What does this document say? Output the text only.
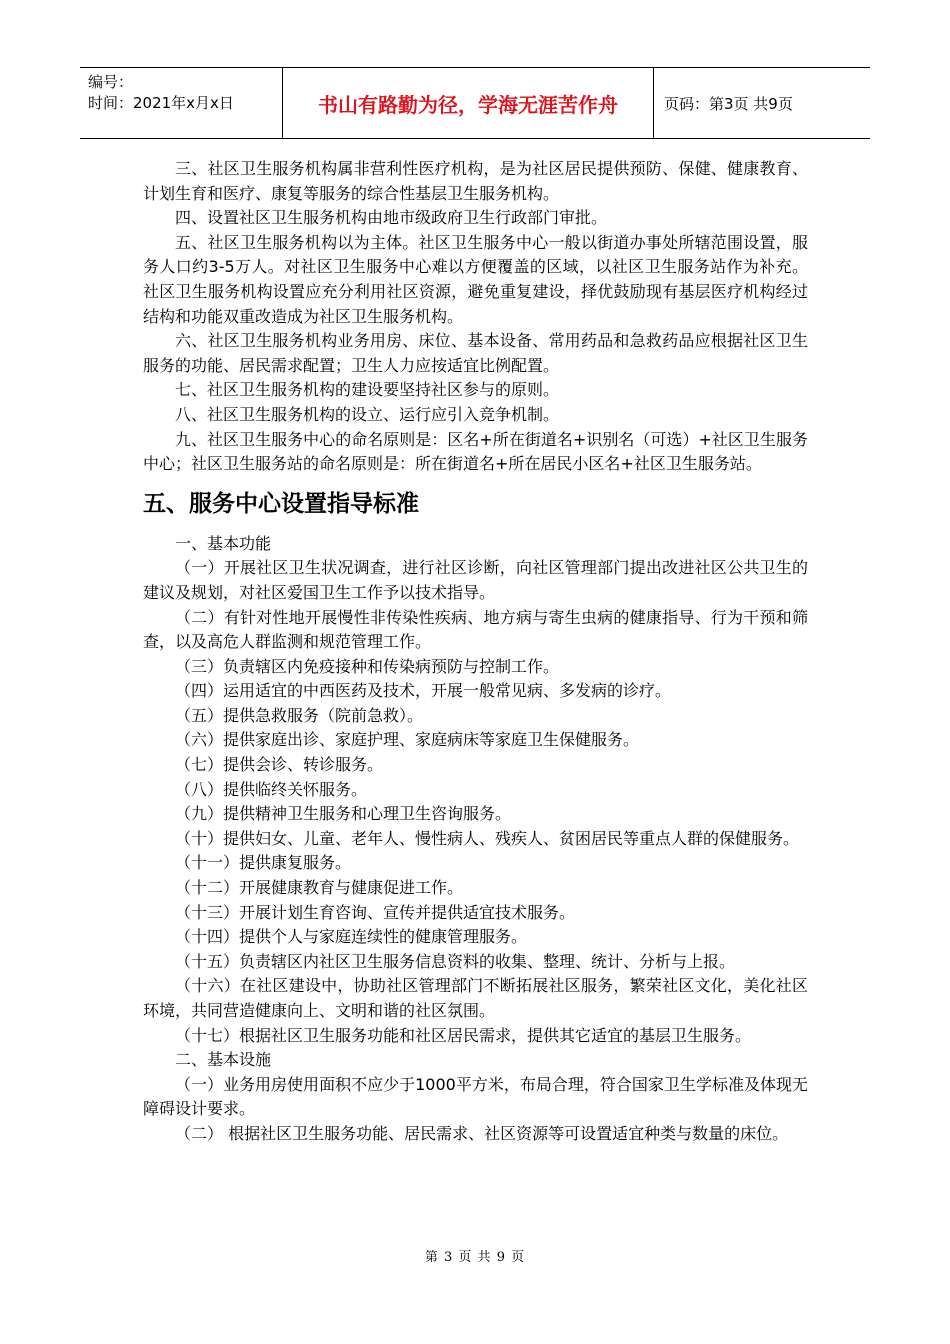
编号：
时间：2021年x月x日	书山有路勤为径，学海无涯苦作舟	页码：第3页 共9页

三、社区卫生服务机构属非营利性医疗机构，是为社区居民提供预防、保健、健康教育、计划生育和医疗、康复等服务的综合性基层卫生服务机构。

四、设置社区卫生服务机构由地市级政府卫生行政部门审批。

五、社区卫生服务机构以为主体。社区卫生服务中心一般以街道办事处所辖范围设置，服务人口约3-5万人。对社区卫生服务中心难以方便覆盖的区域，以社区卫生服务站作为补充。社区卫生服务机构设置应充分利用社区资源，避免重复建设，择优鼓励现有基层医疗机构经过结构和功能双重改造成为社区卫生服务机构。

六、社区卫生服务机构业务用房、床位、基本设备、常用药品和急救药品应根据社区卫生服务的功能、居民需求配置；卫生人力应按适宜比例配置。

七、社区卫生服务机构的建设要坚持社区参与的原则。

八、社区卫生服务机构的设立、运行应引入竞争机制。

九、社区卫生服务中心的命名原则是：区名+所在街道名+识别名（可选）+社区卫生服务中心；社区卫生服务站的命名原则是：所在街道名+所在居民小区名+社区卫生服务站。

五、服务中心设置指导标准

一、基本功能

（一）开展社区卫生状况调查，进行社区诊断，向社区管理部门提出改进社区公共卫生的建议及规划，对社区爱国卫生工作予以技术指导。

（二）有针对性地开展慢性非传染性疾病、地方病与寄生虫病的健康指导、行为干预和筛查，以及高危人群监测和规范管理工作。

（三）负责辖区内免疫接种和传染病预防与控制工作。

（四）运用适宜的中西医药及技术，开展一般常见病、多发病的诊疗。

（五）提供急救服务（院前急救）。

（六）提供家庭出诊、家庭护理、家庭病床等家庭卫生保健服务。

（七）提供会诊、转诊服务。

（八）提供临终关怀服务。

（九）提供精神卫生服务和心理卫生咨询服务。

（十）提供妇女、儿童、老年人、慢性病人、残疾人、贫困居民等重点人群的保健服务。

（十一）提供康复服务。

（十二）开展健康教育与健康促进工作。

（十三）开展计划生育咨询、宣传并提供适宜技术服务。

（十四）提供个人与家庭连续性的健康管理服务。

（十五）负责辖区内社区卫生服务信息资料的收集、整理、统计、分析与上报。

（十六）在社区建设中，协助社区管理部门不断拓展社区服务，繁荣社区文化，美化社区环境，共同营造健康向上、文明和谐的社区氛围。

（十七）根据社区卫生服务功能和社区居民需求，提供其它适宜的基层卫生服务。

二、基本设施

（一）业务用房使用面积不应少于1000平方米，布局合理，符合国家卫生学标准及体现无障碍设计要求。

（二） 根据社区卫生服务功能、居民需求、社区资源等可设置适宜种类与数量的床位。

第 3 页 共 9 页
